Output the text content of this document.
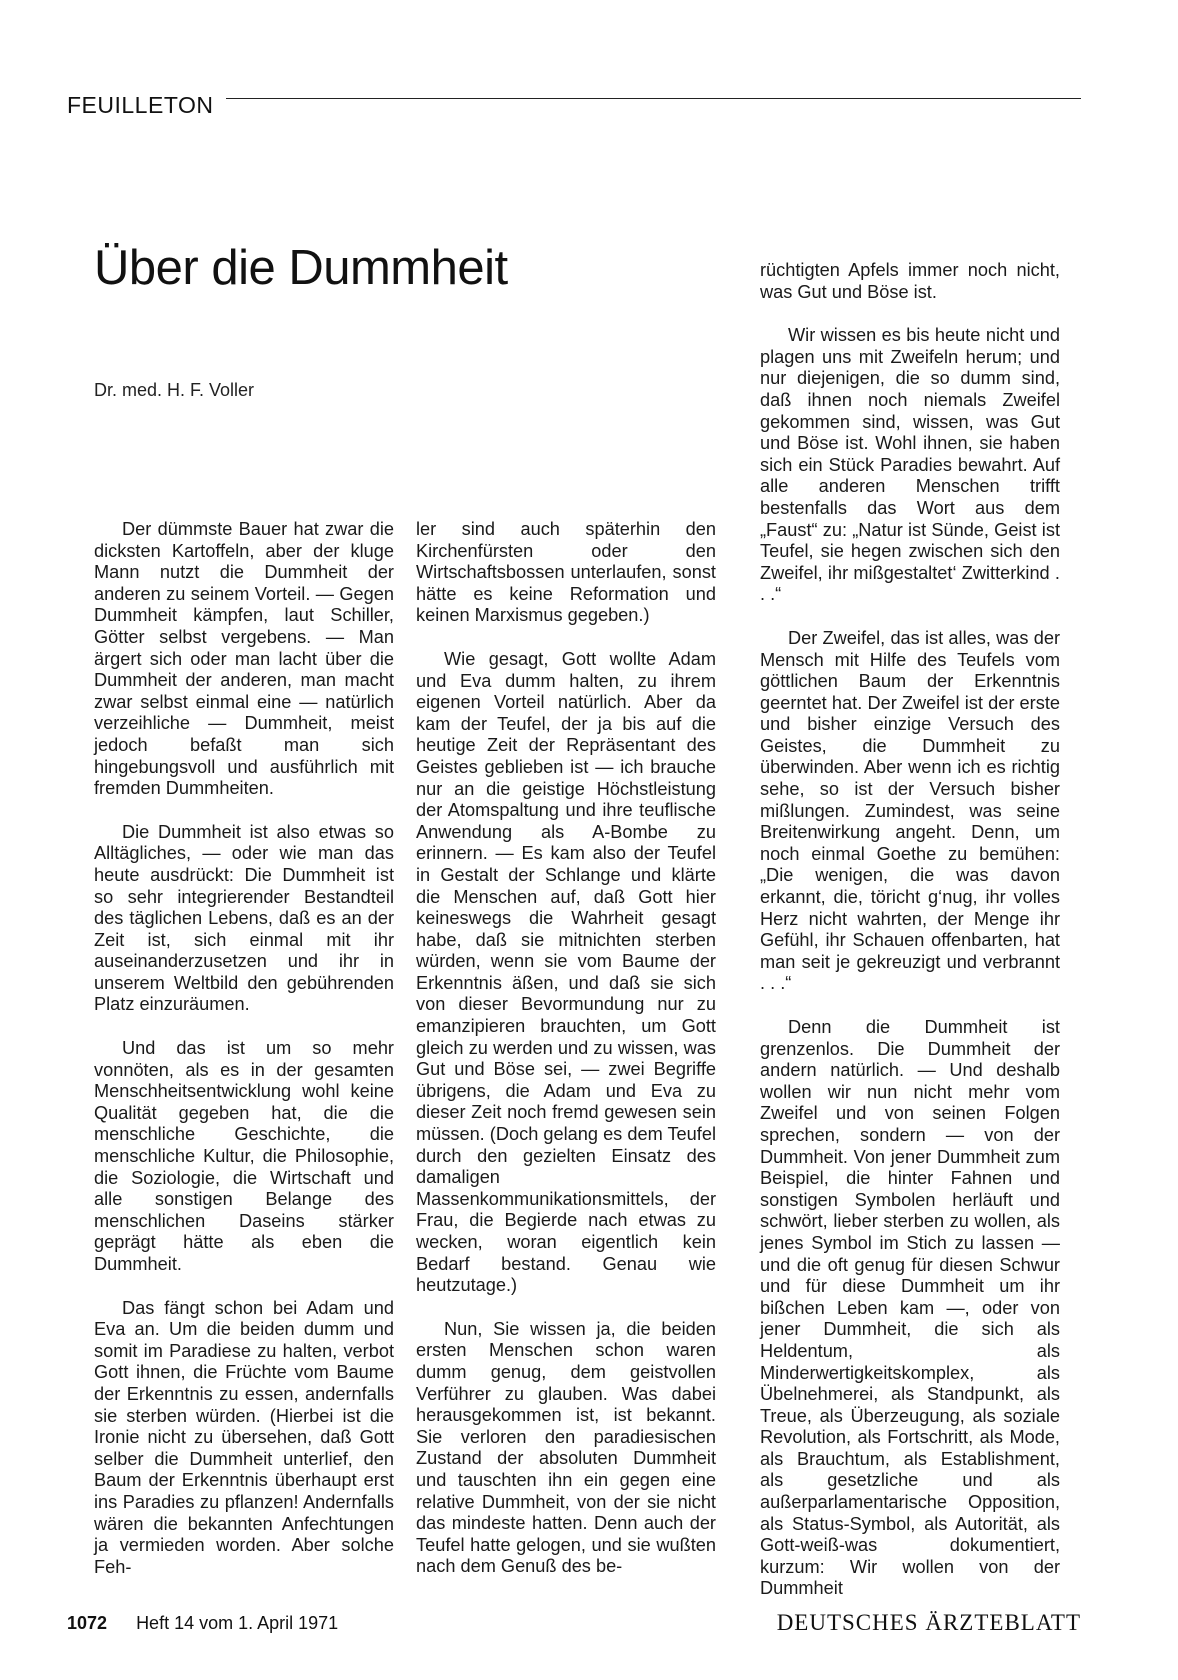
FEUILLETON
Über die Dummheit
Dr. med. H. F. Voller

Der dümmste Bauer hat zwar die dicksten Kartoffeln, aber der kluge Mann nutzt die Dummheit der anderen zu seinem Vorteil. — Gegen Dummheit kämpfen, laut Schiller, Götter selbst vergebens. — Man ärgert sich oder man lacht über die Dummheit der anderen, man macht zwar selbst einmal eine — natürlich verzeihliche — Dummheit, meist jedoch befaßt man sich hingebungsvoll und ausführlich mit fremden Dummheiten.

Die Dummheit ist also etwas so Alltägliches, — oder wie man das heute ausdrückt: Die Dummheit ist so sehr integrierender Bestandteil des täglichen Lebens, daß es an der Zeit ist, sich einmal mit ihr auseinanderzusetzen und ihr in unserem Weltbild den gebührenden Platz einzuräumen.

Und das ist um so mehr vonnöten, als es in der gesamten Menschheitsentwicklung wohl keine Qualität gegeben hat, die die menschliche Geschichte, die menschliche Kultur, die Philosophie, die Soziologie, die Wirtschaft und alle sonstigen Belange des menschlichen Daseins stärker geprägt hätte als eben die Dummheit.

Das fängt schon bei Adam und Eva an. Um die beiden dumm und somit im Paradiese zu halten, verbot Gott ihnen, die Früchte vom Baume der Erkenntnis zu essen, andernfalls sie sterben würden. (Hierbei ist die Ironie nicht zu übersehen, daß Gott selber die Dummheit unterlief, den Baum der Erkenntnis überhaupt erst ins Paradies zu pflanzen! Andernfalls wären die bekannten Anfechtungen ja vermieden worden. Aber solche Feh-

ler sind auch späterhin den Kirchenfürsten oder den Wirtschaftsbossen unterlaufen, sonst hätte es keine Reformation und keinen Marxismus gegeben.)

Wie gesagt, Gott wollte Adam und Eva dumm halten, zu ihrem eigenen Vorteil natürlich. Aber da kam der Teufel, der ja bis auf die heutige Zeit der Repräsentant des Geistes geblieben ist — ich brauche nur an die geistige Höchstleistung der Atomspaltung und ihre teuflische Anwendung als A-Bombe zu erinnern. — Es kam also der Teufel in Gestalt der Schlange und klärte die Menschen auf, daß Gott hier keineswegs die Wahrheit gesagt habe, daß sie mitnichten sterben würden, wenn sie vom Baume der Erkenntnis äßen, und daß sie sich von dieser Bevormundung nur zu emanzipieren brauchten, um Gott gleich zu werden und zu wissen, was Gut und Böse sei, — zwei Begriffe übrigens, die Adam und Eva zu dieser Zeit noch fremd gewesen sein müssen. (Doch gelang es dem Teufel durch den gezielten Einsatz des damaligen Massenkommunikationsmittels, der Frau, die Begierde nach etwas zu wecken, woran eigentlich kein Bedarf bestand. Genau wie heutzutage.)

Nun, Sie wissen ja, die beiden ersten Menschen schon waren dumm genug, dem geistvollen Verführer zu glauben. Was dabei herausgekommen ist, ist bekannt. Sie verloren den paradiesischen Zustand der absoluten Dummheit und tauschten ihn ein gegen eine relative Dummheit, von der sie nicht das mindeste hatten. Denn auch der Teufel hatte gelogen, und sie wußten nach dem Genuß des be-

rüchtigten Apfels immer noch nicht, was Gut und Böse ist.

Wir wissen es bis heute nicht und plagen uns mit Zweifeln herum; und nur diejenigen, die so dumm sind, daß ihnen noch niemals Zweifel gekommen sind, wissen, was Gut und Böse ist. Wohl ihnen, sie haben sich ein Stück Paradies bewahrt. Auf alle anderen Menschen trifft bestenfalls das Wort aus dem „Faust“ zu: „Natur ist Sünde, Geist ist Teufel, sie hegen zwischen sich den Zweifel, ihr mißgestaltet‘ Zwitterkind . . .“

Der Zweifel, das ist alles, was der Mensch mit Hilfe des Teufels vom göttlichen Baum der Erkenntnis geerntet hat. Der Zweifel ist der erste und bisher einzige Versuch des Geistes, die Dummheit zu überwinden. Aber wenn ich es richtig sehe, so ist der Versuch bisher mißlungen. Zumindest, was seine Breitenwirkung angeht. Denn, um noch einmal Goethe zu bemühen: „Die wenigen, die was davon erkannt, die, töricht g‘nug, ihr volles Herz nicht wahrten, der Menge ihr Gefühl, ihr Schauen offenbarten, hat man seit je gekreuzigt und verbrannt . . .“

Denn die Dummheit ist grenzenlos. Die Dummheit der andern natürlich. — Und deshalb wollen wir nun nicht mehr vom Zweifel und von seinen Folgen sprechen, sondern — von der Dummheit. Von jener Dummheit zum Beispiel, die hinter Fahnen und sonstigen Symbolen herläuft und schwört, lieber sterben zu wollen, als jenes Symbol im Stich zu lassen — und die oft genug für diesen Schwur und für diese Dummheit um ihr bißchen Leben kam —, oder von jener Dummheit, die sich als Heldentum, als Minderwertigkeitskomplex, als Übelnehmerei, als Standpunkt, als Treue, als Überzeugung, als soziale Revolution, als Fortschritt, als Mode, als Brauchtum, als Establishment, als gesetzliche und als außerparlamentarische Opposition, als Status-Symbol, als Autorität, als Gott-weiß-was dokumentiert, kurzum: Wir wollen von der Dummheit

1072 Heft 14 vom 1. April 1971	DEUTSCHES ÄRZTEBLATT
